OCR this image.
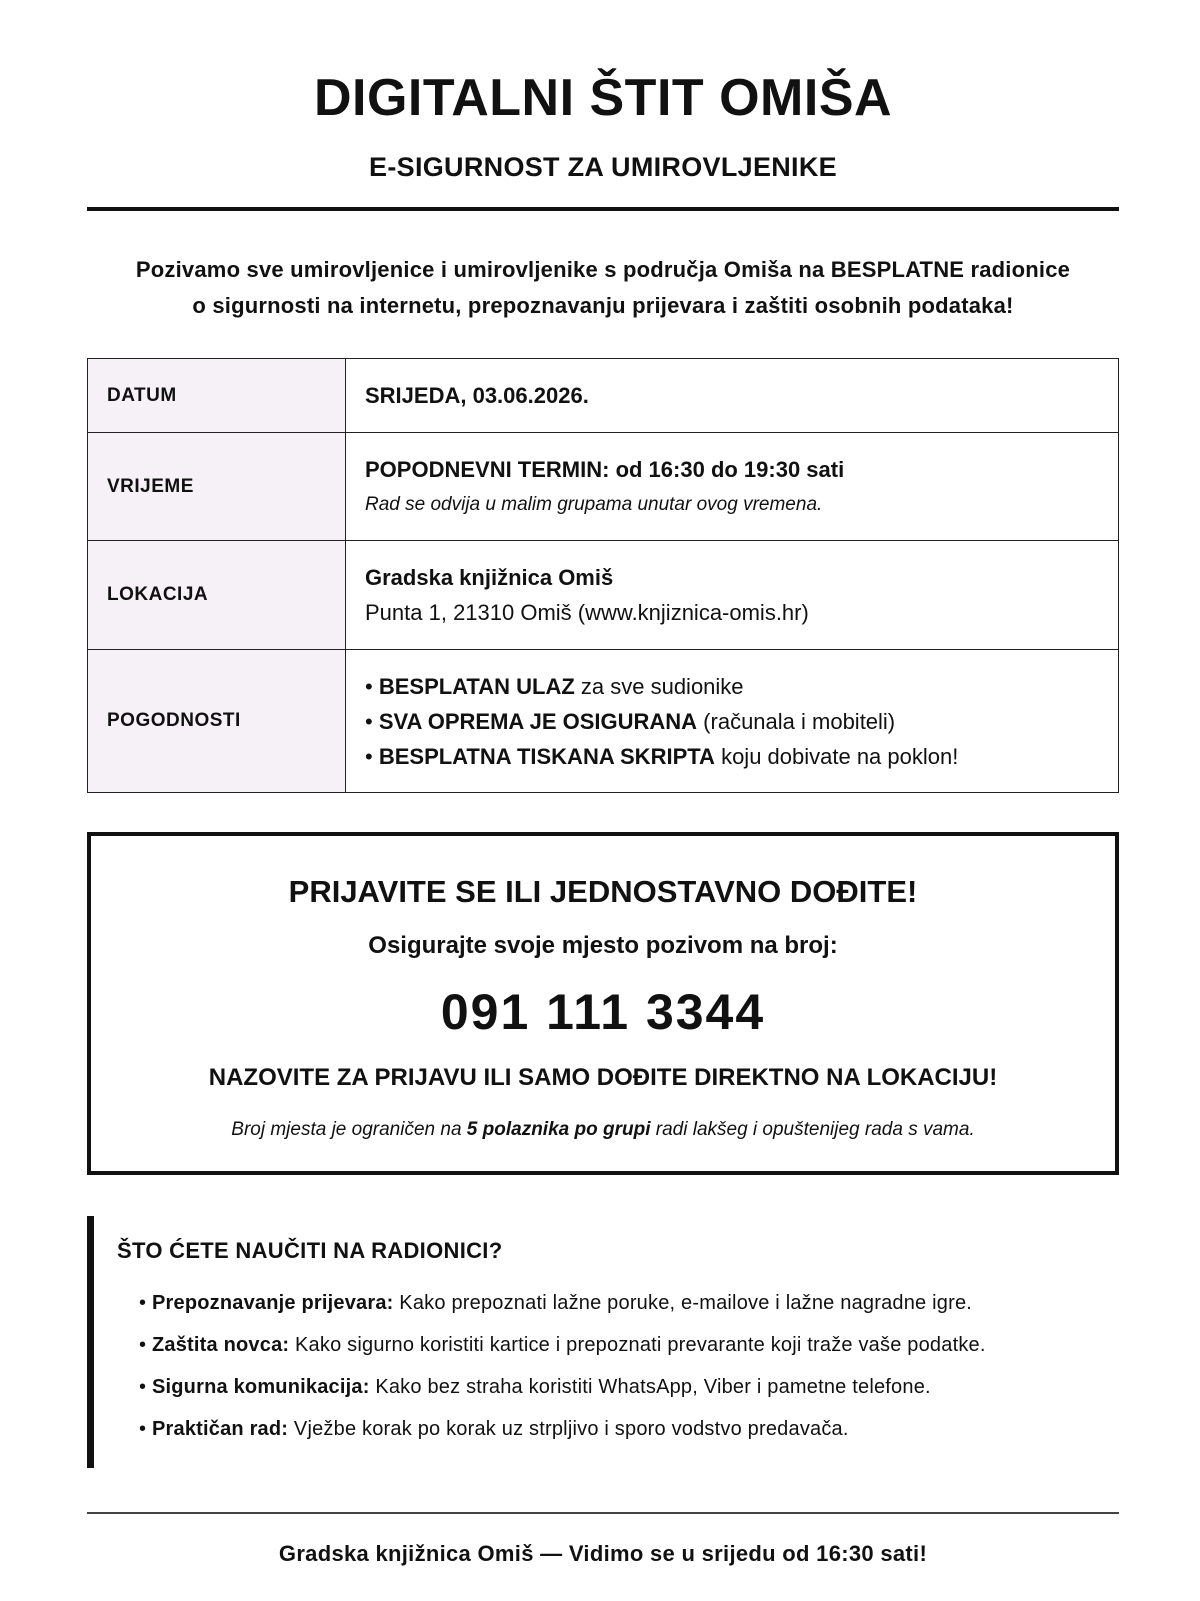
DIGITALNI ŠTIT OMIŠA
E-SIGURNOST ZA UMIROVLJENIKE
Pozivamo sve umirovljenice i umirovljenike s područja Omiša na BESPLATNE radionice
o sigurnosti na internetu, prepoznavanju prijevara i zaštiti osobnih podataka!
DATUM	SRIJEDA, 03.06.2026.
VRIJEME	POPODNEVNI TERMIN: od 16:30 do 19:30 sati
Rad se odvija u malim grupama unutar ovog vremena.

LOKACIJA	Gradska knjižnica Omiš
Punta 1, 21310 Omiš (www.knjiznica-omis.hr)

POGODNOSTI	• BESPLATAN ULAZ za sve sudionike
• SVA OPREMA JE OSIGURANA (računala i mobiteli)
• BESPLATNA TISKANA SKRIPTA koju dobivate na poklon!
PRIJAVITE SE ILI JEDNOSTAVNO DOĐITE!
Osigurajte svoje mjesto pozivom na broj:
091 111 3344
NAZOVITE ZA PRIJAVU ILI SAMO DOĐITE DIREKTNO NA LOKACIJU!
Broj mjesta je ograničen na 5 polaznika po grupi radi lakšeg i opuštenijeg rada s vama.
ŠTO ĆETE NAUČITI NA RADIONICI?
• Prepoznavanje prijevara: Kako prepoznati lažne poruke, e-mailove i lažne nagradne igre.
• Zaštita novca: Kako sigurno koristiti kartice i prepoznati prevarante koji traže vaše podatke.
• Sigurna komunikacija: Kako bez straha koristiti WhatsApp, Viber i pametne telefone.
• Praktičan rad: Vježbe korak po korak uz strpljivo i sporo vodstvo predavača.
Gradska knjižnica Omiš — Vidimo se u srijedu od 16:30 sati!
